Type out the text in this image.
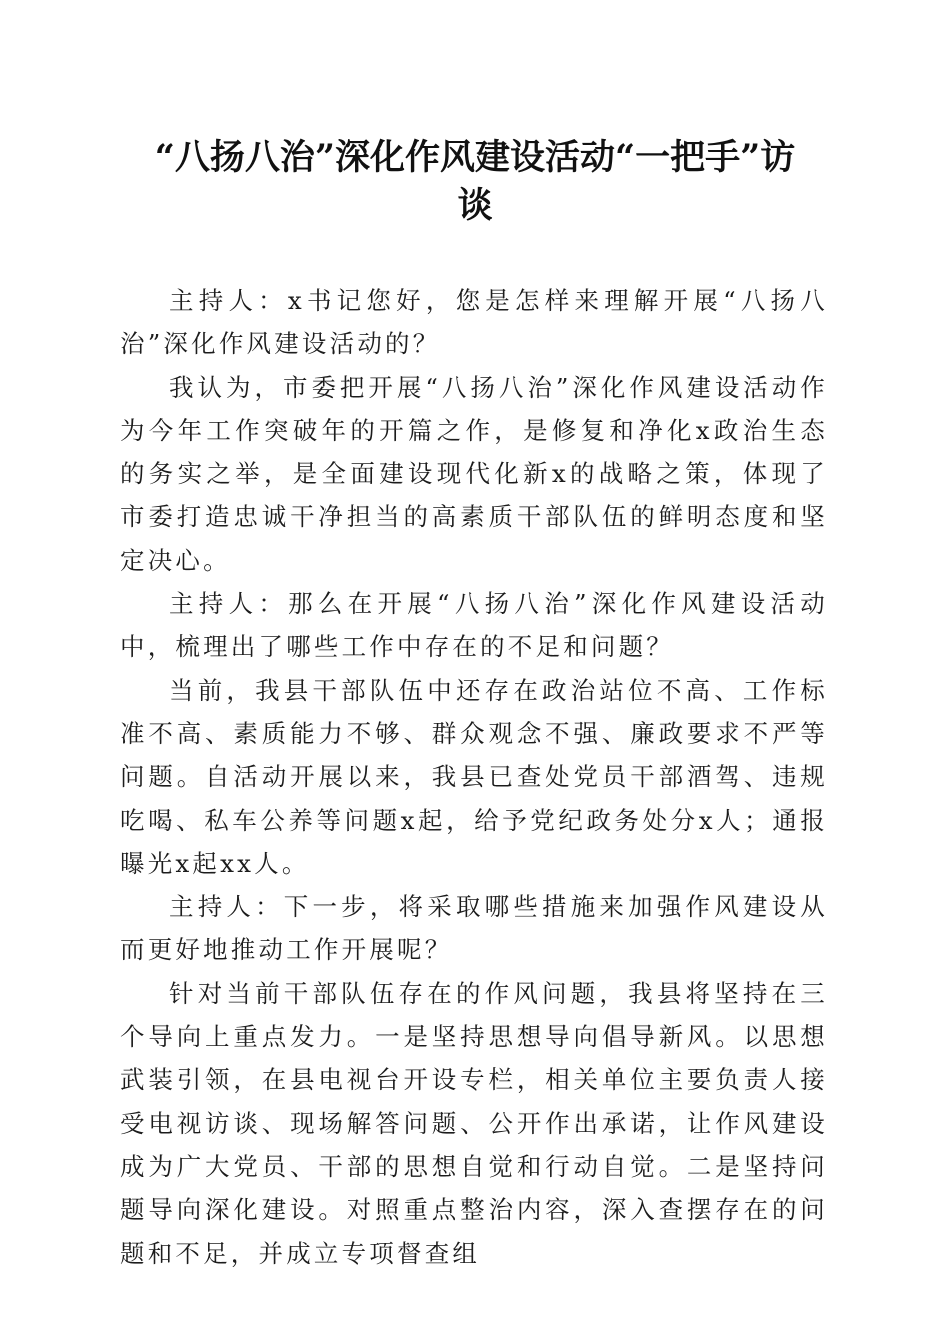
“八扬八治”深化作风建设活动“一把手”访
谈

主持人：x书记您好，您是怎样来理解开展“八扬八治”深化作风建设活动的？

我认为，市委把开展“八扬八治”深化作风建设活动作为今年工作突破年的开篇之作，是修复和净化x政治生态的务实之举，是全面建设现代化新x的战略之策，体现了市委打造忠诚干净担当的高素质干部队伍的鲜明态度和坚定决心。

主持人：那么在开展“八扬八治”深化作风建设活动中，梳理出了哪些工作中存在的不足和问题？

当前，我县干部队伍中还存在政治站位不高、工作标准不高、素质能力不够、群众观念不强、廉政要求不严等问题。自活动开展以来，我县已查处党员干部酒驾、违规吃喝、私车公养等问题x起，给予党纪政务处分x人；通报曝光x起xx人。

主持人：下一步，将采取哪些措施来加强作风建设从而更好地推动工作开展呢？

针对当前干部队伍存在的作风问题，我县将坚持在三个导向上重点发力。一是坚持思想导向倡导新风。以思想武装引领，在县电视台开设专栏，相关单位主要负责人接受电视访谈、现场解答问题、公开作出承诺，让作风建设成为广大党员、干部的思想自觉和行动自觉。二是坚持问题导向深化建设。对照重点整治内容，深入查摆存在的问题和不足，并成立专项督查组
